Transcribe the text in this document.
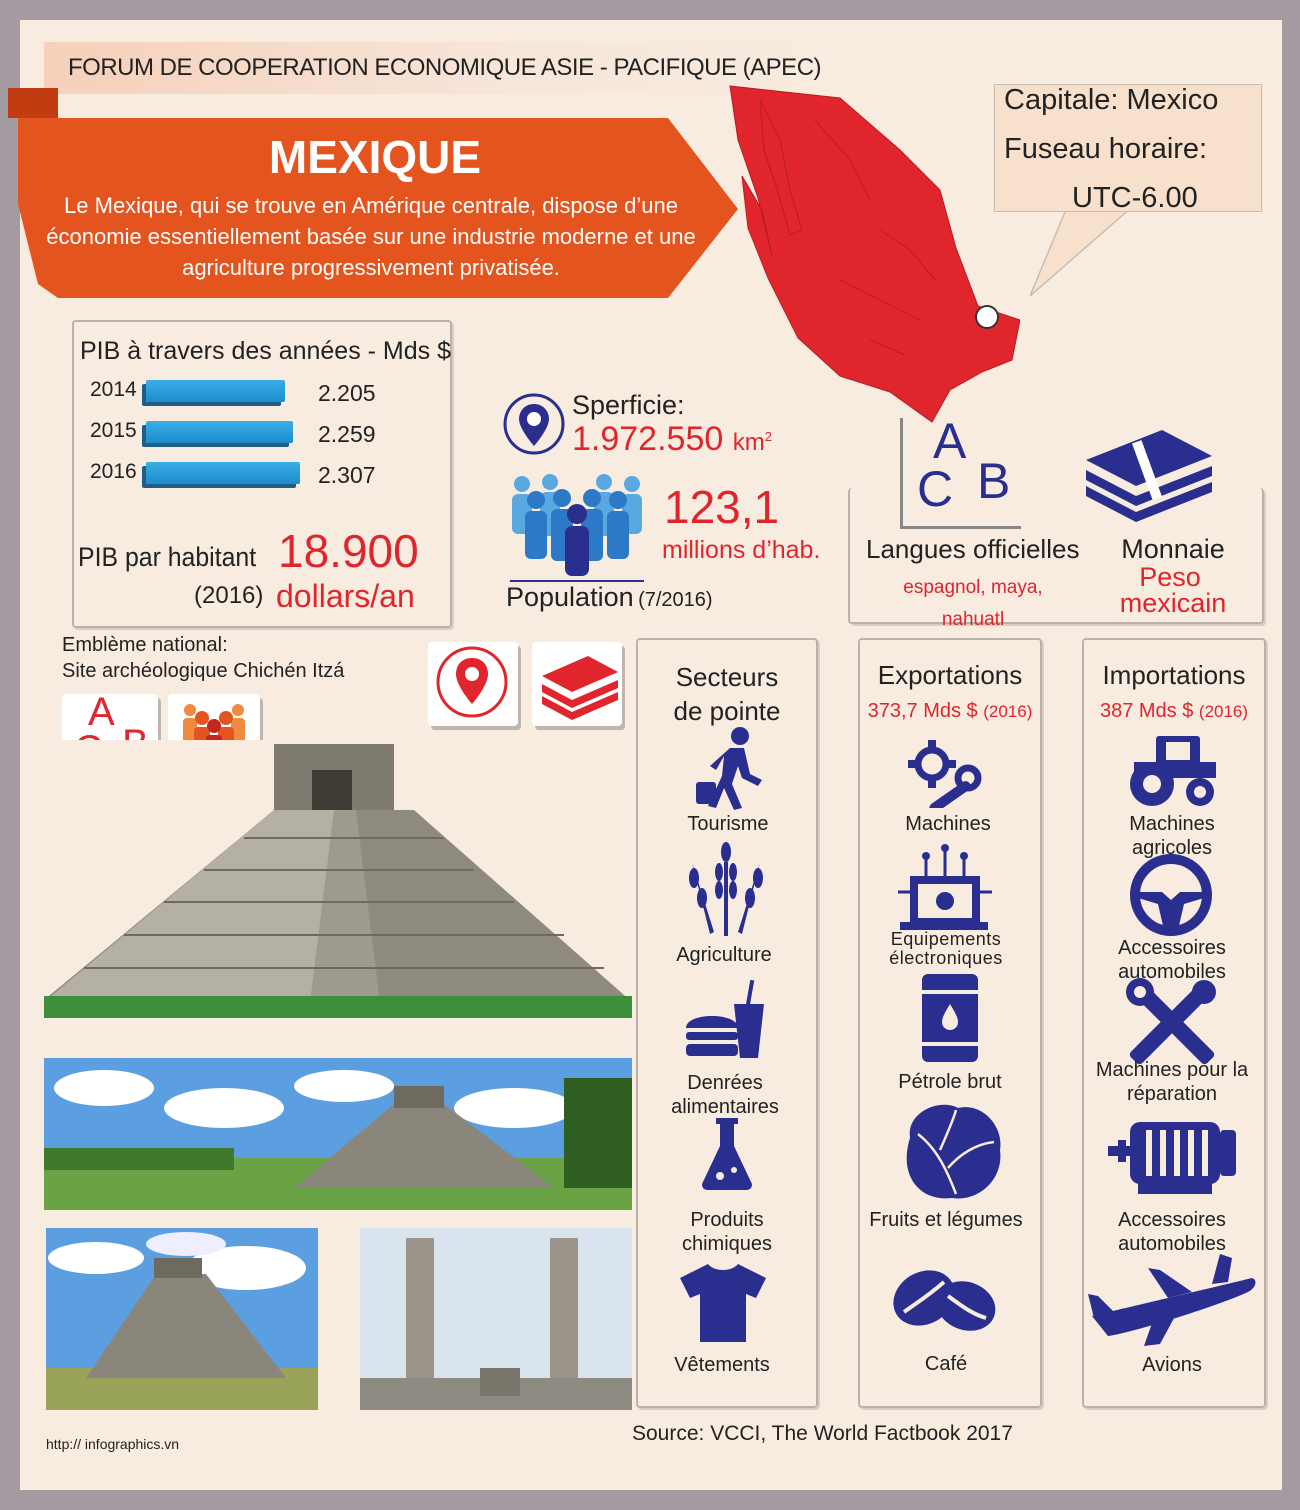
FORUM DE COOPERATION ECONOMIQUE ASIE - PACIFIQUE (APEC)
MEXIQUE
Le Mexique, qui se trouve en Amérique centrale, dispose d’une économie essentiellement basée sur une industrie moderne et une agriculture progressivement privatisée.
Capitale: Mexico
Fuseau horaire:
UTC-6.00
PIB à travers des années - Mds $
2014	2.205
2015	2.259
2016	2.307
PIB par habitant
(2016)
18.900
dollars/an
Sperficie:
1.972.550 $km^2$
123,1
millions d’hab.
Population (7/2016)
A
C B
Langues officielles
espagnol, maya, nahuatl
Monnaie
Peso
mexicain
Emblème national:
Site archéologique Chichén Itzá
A
Secteurs
de pointe
Exportations
373,7 Mds $ (2016)
Importations
387 Mds $ (2016)
Tourisme
Agriculture
Denrées alimentaires
Produits chimiques
Vêtements
Machines
Equipements électroniques
Pétrole brut
Fruits et légumes
Café
Machines agricoles
Accessoires automobiles
Machines pour la réparation
Accessoires automobiles
Avions
http:// infographics.vn	Source: VCCI, The World Factbook 2017
